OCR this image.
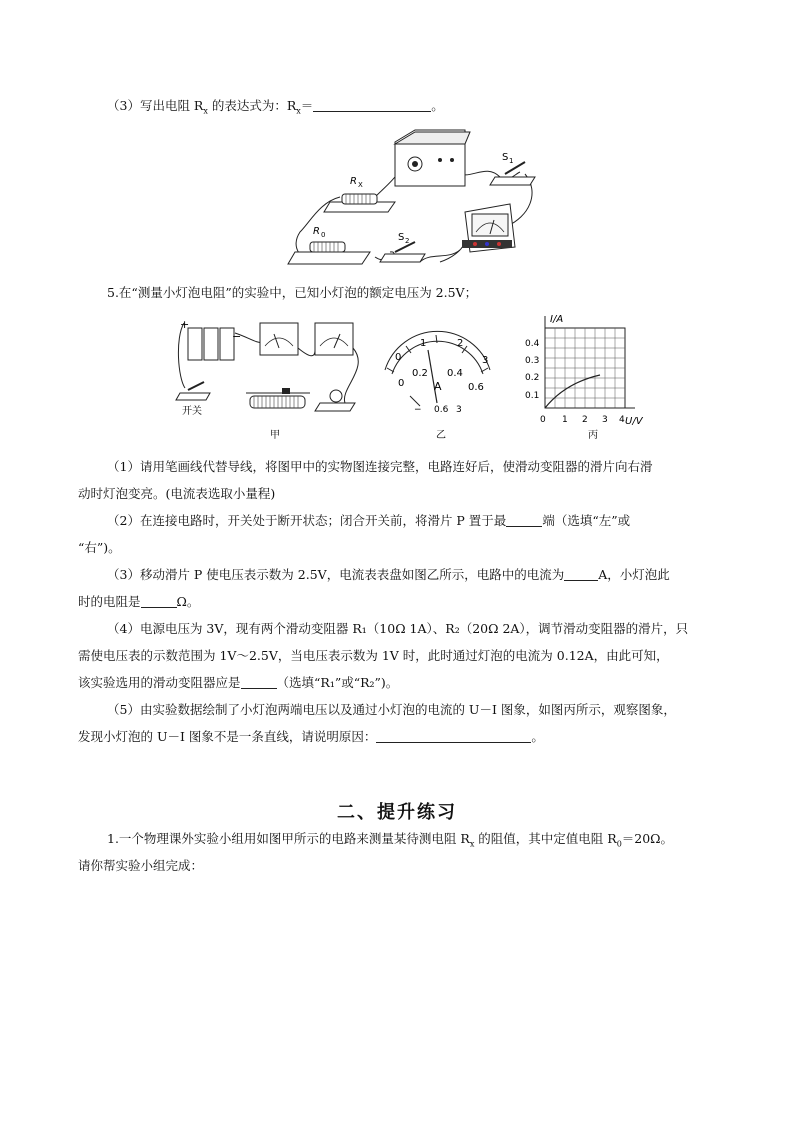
（3）写出电阻 $R_x$ 的表达式为：$R_x=$	。
R X
R 0
S 1
S 2
5.在“测量小灯泡电阻”的实验中，已知小灯泡的额定电压为 2.5V；
+
−
开关
甲
0
1	2
3
0
0.2 0.4
0.6
A
− 0.6 3
乙
I/A
U/V
0.4
0.3
0.2
0.1
0 1 2 3 4
丙
（1）请用笔画线代替导线，将图甲中的实物图连接完整，电路连好后，使滑动变阻器的滑片向右滑
动时灯泡变亮。(电流表选取小量程)
（2）在连接电路时，开关处于断开状态；闭合开关前，将滑片 P 置于最	端（选填“左”或
“右”)。
（3）移动滑片 P 使电压表示数为 2.5V，电流表表盘如图乙所示，电路中的电流为	A，小灯泡此
时的电阻是	Ω。
（4）电源电压为 3V，现有两个滑动变阻器 R₁（10Ω 1A）、R₂（20Ω 2A），调节滑动变阻器的滑片，只
需使电压表的示数范围为 1V～2.5V，当电压表示数为 1V 时，此时通过灯泡的电流为 0.12A，由此可知，
该实验选用的滑动变阻器应是	（选填“R₁”或“R₂”)。
（5）由实验数据绘制了小灯泡两端电压以及通过小灯泡的电流的 U－I 图象，如图丙所示，观察图象，
发现小灯泡的 U－I 图象不是一条直线，请说明原因：	。
二、提升练习
1.一个物理课外实验小组用如图甲所示的电路来测量某待测电阻 $R_x$ 的阻值，其中定值电阻 $R_0=20\Omega$。
请你帮实验小组完成：
